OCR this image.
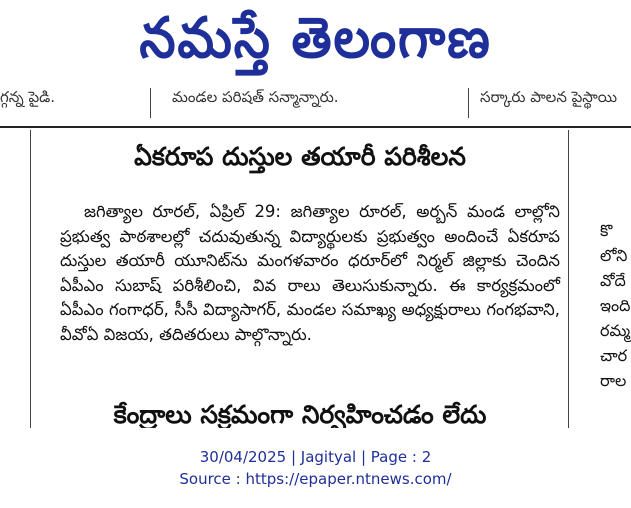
నమస్తే తెలంగాణ
గ్గన్న పైడి.	మండల పరిషత్ సన్మాన్నారు.	సర్కారు పాలన పైస్థాయి
ఏకరూప దుస్తుల తయారీ పరిశీలన

జగిత్యాల రూరల్, ఏప్రిల్ 29: జగిత్యాల రూరల్, అర్బన్ మండ లాల్లోని ప్రభుత్వ పాఠశాలల్లో చదువుతున్న విద్యార్థులకు ప్రభుత్వం అందించే ఏకరూప దుస్తుల తయారీ యూనిట్‌ను మంగళవారం ధరూర్‌లో నిర్మల్ జిల్లాకు చెందిన ఏపీఎం సుబాష్ పరిశీలించి, వివ రాలు తెలుసుకున్నారు. ఈ కార్యక్రమంలో ఏపీఎం గంగాధర్, సీసీ విద్యాసాగర్, మండల సమాఖ్య అధ్యక్షురాలు గంగభవాని, వీవోఏ విజయ, తదితరులు పాల్గొన్నారు.

కేంద్రాలు సక్రమంగా నిర్వహించడం లేదు
కొ
లోని
వోదే
ఇంది
రమ్మ
చార
రాల
30/04/2025 | Jagityal | Page : 2
Source : https://epaper.ntnews.com/
